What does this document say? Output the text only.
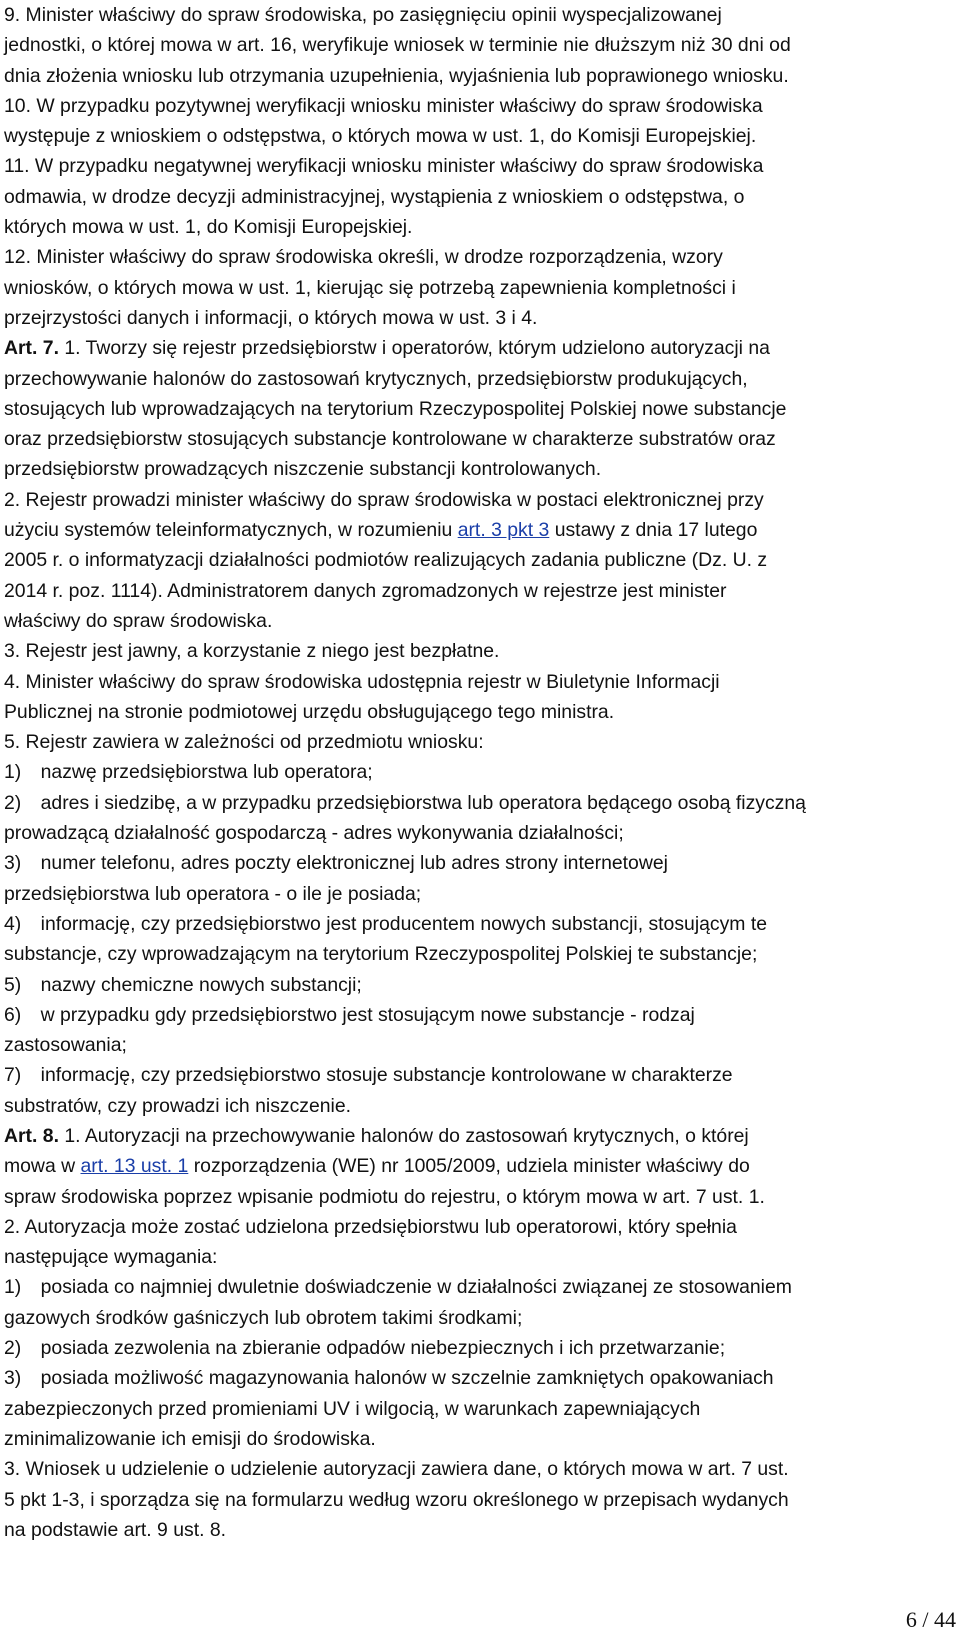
9. Minister właściwy do spraw środowiska, po zasięgnięciu opinii wyspecjalizowanej
jednostki, o której mowa w art. 16, weryfikuje wniosek w terminie nie dłuższym niż 30 dni od
dnia złożenia wniosku lub otrzymania uzupełnienia, wyjaśnienia lub poprawionego wniosku.
10. W przypadku pozytywnej weryfikacji wniosku minister właściwy do spraw środowiska
występuje z wnioskiem o odstępstwa, o których mowa w ust. 1, do Komisji Europejskiej.
11. W przypadku negatywnej weryfikacji wniosku minister właściwy do spraw środowiska
odmawia, w drodze decyzji administracyjnej, wystąpienia z wnioskiem o odstępstwa, o
których mowa w ust. 1, do Komisji Europejskiej.
12. Minister właściwy do spraw środowiska określi, w drodze rozporządzenia, wzory
wniosków, o których mowa w ust. 1, kierując się potrzebą zapewnienia kompletności i
przejrzystości danych i informacji, o których mowa w ust. 3 i 4.
Art. 7. 1. Tworzy się rejestr przedsiębiorstw i operatorów, którym udzielono autoryzacji na
przechowywanie halonów do zastosowań krytycznych, przedsiębiorstw produkujących,
stosujących lub wprowadzających na terytorium Rzeczypospolitej Polskiej nowe substancje
oraz przedsiębiorstw stosujących substancje kontrolowane w charakterze substratów oraz
przedsiębiorstw prowadzących niszczenie substancji kontrolowanych.
2. Rejestr prowadzi minister właściwy do spraw środowiska w postaci elektronicznej przy
użyciu systemów teleinformatycznych, w rozumieniu art. 3 pkt 3 ustawy z dnia 17 lutego
2005 r. o informatyzacji działalności podmiotów realizujących zadania publiczne (Dz. U. z
2014 r. poz. 1114). Administratorem danych zgromadzonych w rejestrze jest minister
właściwy do spraw środowiska.
3. Rejestr jest jawny, a korzystanie z niego jest bezpłatne.
4. Minister właściwy do spraw środowiska udostępnia rejestr w Biuletynie Informacji
Publicznej na stronie podmiotowej urzędu obsługującego tego ministra.
5. Rejestr zawiera w zależności od przedmiotu wniosku:
1) nazwę przedsiębiorstwa lub operatora;
2) adres i siedzibę, a w przypadku przedsiębiorstwa lub operatora będącego osobą fizyczną
prowadzącą działalność gospodarczą - adres wykonywania działalności;
3) numer telefonu, adres poczty elektronicznej lub adres strony internetowej
przedsiębiorstwa lub operatora - o ile je posiada;
4) informację, czy przedsiębiorstwo jest producentem nowych substancji, stosującym te
substancje, czy wprowadzającym na terytorium Rzeczypospolitej Polskiej te substancje;
5) nazwy chemiczne nowych substancji;
6) w przypadku gdy przedsiębiorstwo jest stosującym nowe substancje - rodzaj
zastosowania;
7) informację, czy przedsiębiorstwo stosuje substancje kontrolowane w charakterze
substratów, czy prowadzi ich niszczenie.
Art. 8. 1. Autoryzacji na przechowywanie halonów do zastosowań krytycznych, o której
mowa w art. 13 ust. 1 rozporządzenia (WE) nr 1005/2009, udziela minister właściwy do
spraw środowiska poprzez wpisanie podmiotu do rejestru, o którym mowa w art. 7 ust. 1.
2. Autoryzacja może zostać udzielona przedsiębiorstwu lub operatorowi, który spełnia
następujące wymagania:
1) posiada co najmniej dwuletnie doświadczenie w działalności związanej ze stosowaniem
gazowych środków gaśniczych lub obrotem takimi środkami;
2) posiada zezwolenia na zbieranie odpadów niebezpiecznych i ich przetwarzanie;
3) posiada możliwość magazynowania halonów w szczelnie zamkniętych opakowaniach
zabezpieczonych przed promieniami UV i wilgocią, w warunkach zapewniających
zminimalizowanie ich emisji do środowiska.
3. Wniosek u udzielenie o udzielenie autoryzacji zawiera dane, o których mowa w art. 7 ust.
5 pkt 1-3, i sporządza się na formularzu według wzoru określonego w przepisach wydanych
na podstawie art. 9 ust. 8.
6 / 44
